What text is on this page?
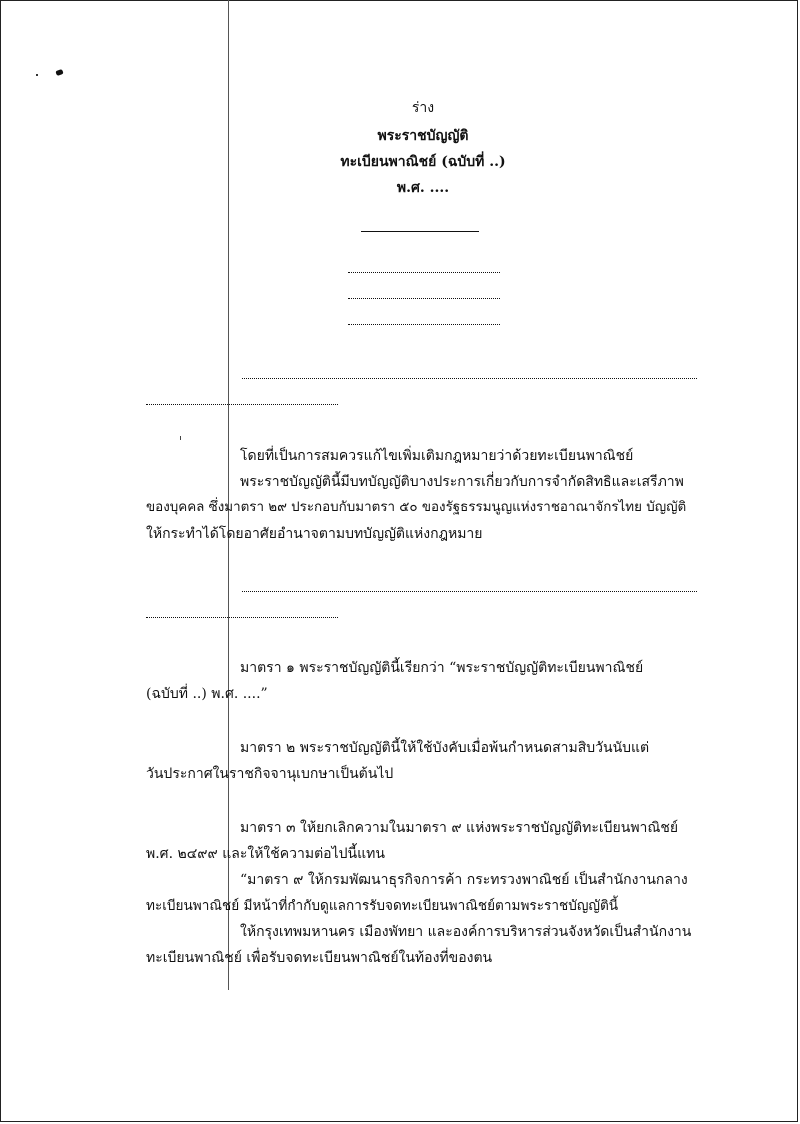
ร่าง
พระราชบัญญัติ
ทะเบียนพาณิชย์ (ฉบับที่ ..)
พ.ศ. ....
โดยที่เป็นการสมควรแก้ไขเพิ่มเติมกฎหมายว่าด้วยทะเบียนพาณิชย์
พระราชบัญญัตินี้มีบทบัญญัติบางประการเกี่ยวกับการจำกัดสิทธิและเสรีภาพ
ของบุคคล ซึ่งมาตรา ๒๙ ประกอบกับมาตรา ๕๐ ของรัฐธรรมนูญแห่งราชอาณาจักรไทย บัญญัติ
ให้กระทำได้โดยอาศัยอำนาจตามบทบัญญัติแห่งกฎหมาย
มาตรา ๑ พระราชบัญญัตินี้เรียกว่า “พระราชบัญญัติทะเบียนพาณิชย์
(ฉบับที่ ..) พ.ศ. ....”
มาตรา ๒ พระราชบัญญัตินี้ให้ใช้บังคับเมื่อพ้นกำหนดสามสิบวันนับแต่
วันประกาศในราชกิจจานุเบกษาเป็นต้นไป
มาตรา ๓ ให้ยกเลิกความในมาตรา ๙ แห่งพระราชบัญญัติทะเบียนพาณิชย์
พ.ศ. ๒๔๙๙ และให้ใช้ความต่อไปนี้แทน
“มาตรา ๙ ให้กรมพัฒนาธุรกิจการค้า กระทรวงพาณิชย์ เป็นสำนักงานกลาง
ทะเบียนพาณิชย์ มีหน้าที่กำกับดูแลการรับจดทะเบียนพาณิชย์ตามพระราชบัญญัตินี้
ให้กรุงเทพมหานคร เมืองพัทยา และองค์การบริหารส่วนจังหวัดเป็นสำนักงาน
ทะเบียนพาณิชย์ เพื่อรับจดทะเบียนพาณิชย์ในท้องที่ของตน
